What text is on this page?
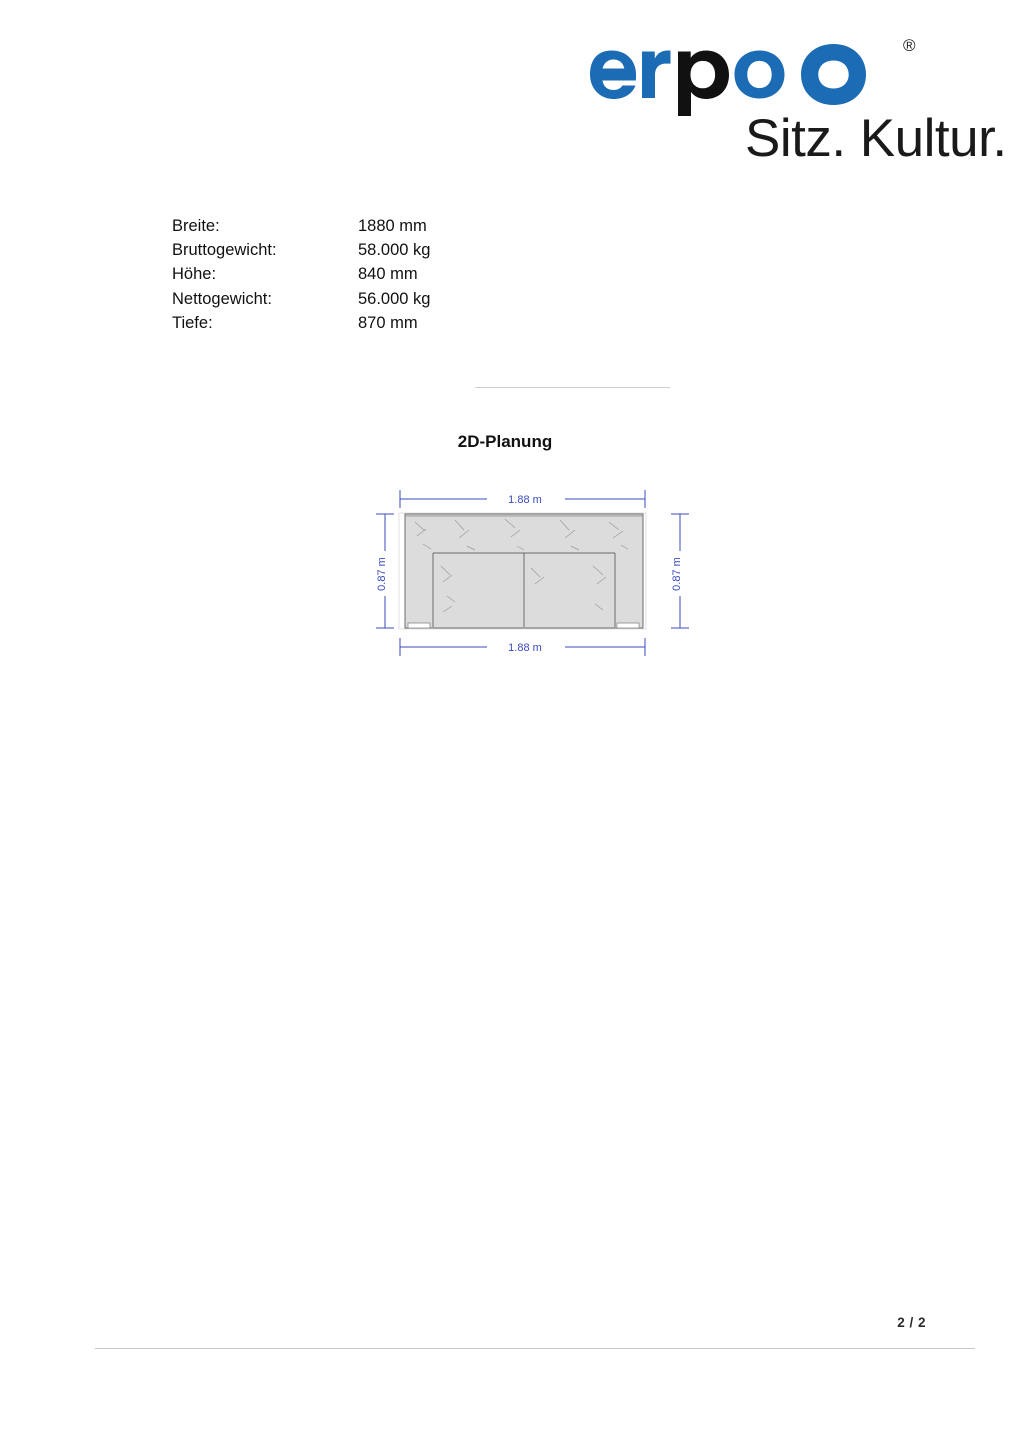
®
Sitz. Kultur.
Breite:	1880 mm
Bruttogewicht:	58.000 kg
Höhe:	840 mm
Nettogewicht:	56.000 kg
Tiefe:	870 mm
2D-Planung
1.88 m
0.87 m	0.87 m
1.88 m
2 / 2
